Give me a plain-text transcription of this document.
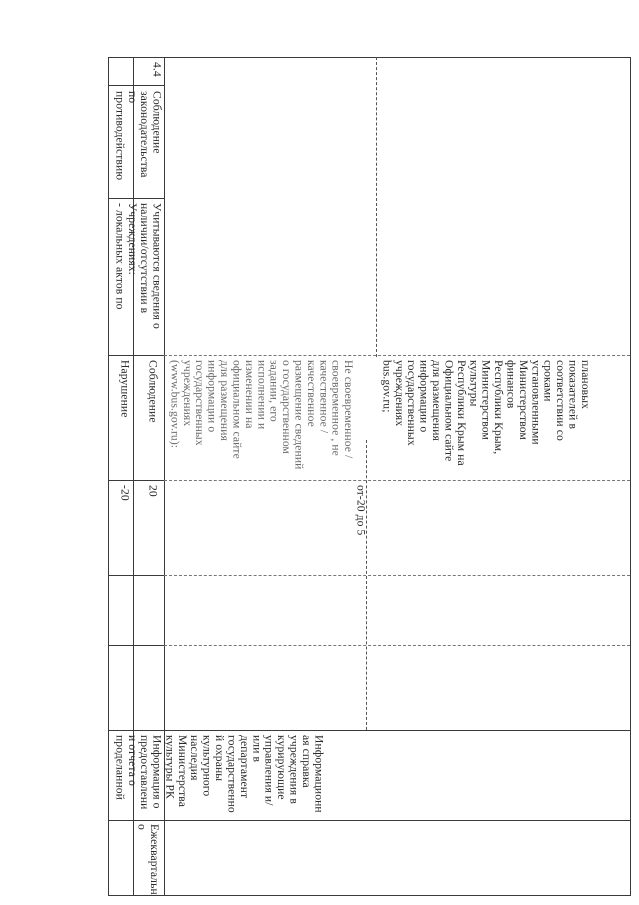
4.4
Соблюдение
законодательства
по
противодействию
Учитываются сведения о
наличии/отсутствии в
Учреждениях:
- локальных актов по
плановых
показателей в
соответствии со
сроками
установленными
Министерством
финансов
Республики Крым,
Министерством
культуры
Республики Крым на
Официальном сайте
для размещения
информации о
государственных
учреждениях
bus.gov.ru;
Не своевременное /
своевременное , не
качественное /
качественное
размещение сведений
о государственном
задании, его
исполнении и
изменении на
официальном сайте
для размещения
информации о
государственных
учреждениях
(www.bus.gov.ru):
Соблюдение
Нарушение
от-20 до 5
20
-20
Информационн
ая справка
учреждения в
курирующие
управления и/
или в
департамент
государственно
й охраны
культурного
наследия
Министерства
культуры РК
Информация о
предоставлени
и отчета о
проделанной
Ежеквартальн
о
